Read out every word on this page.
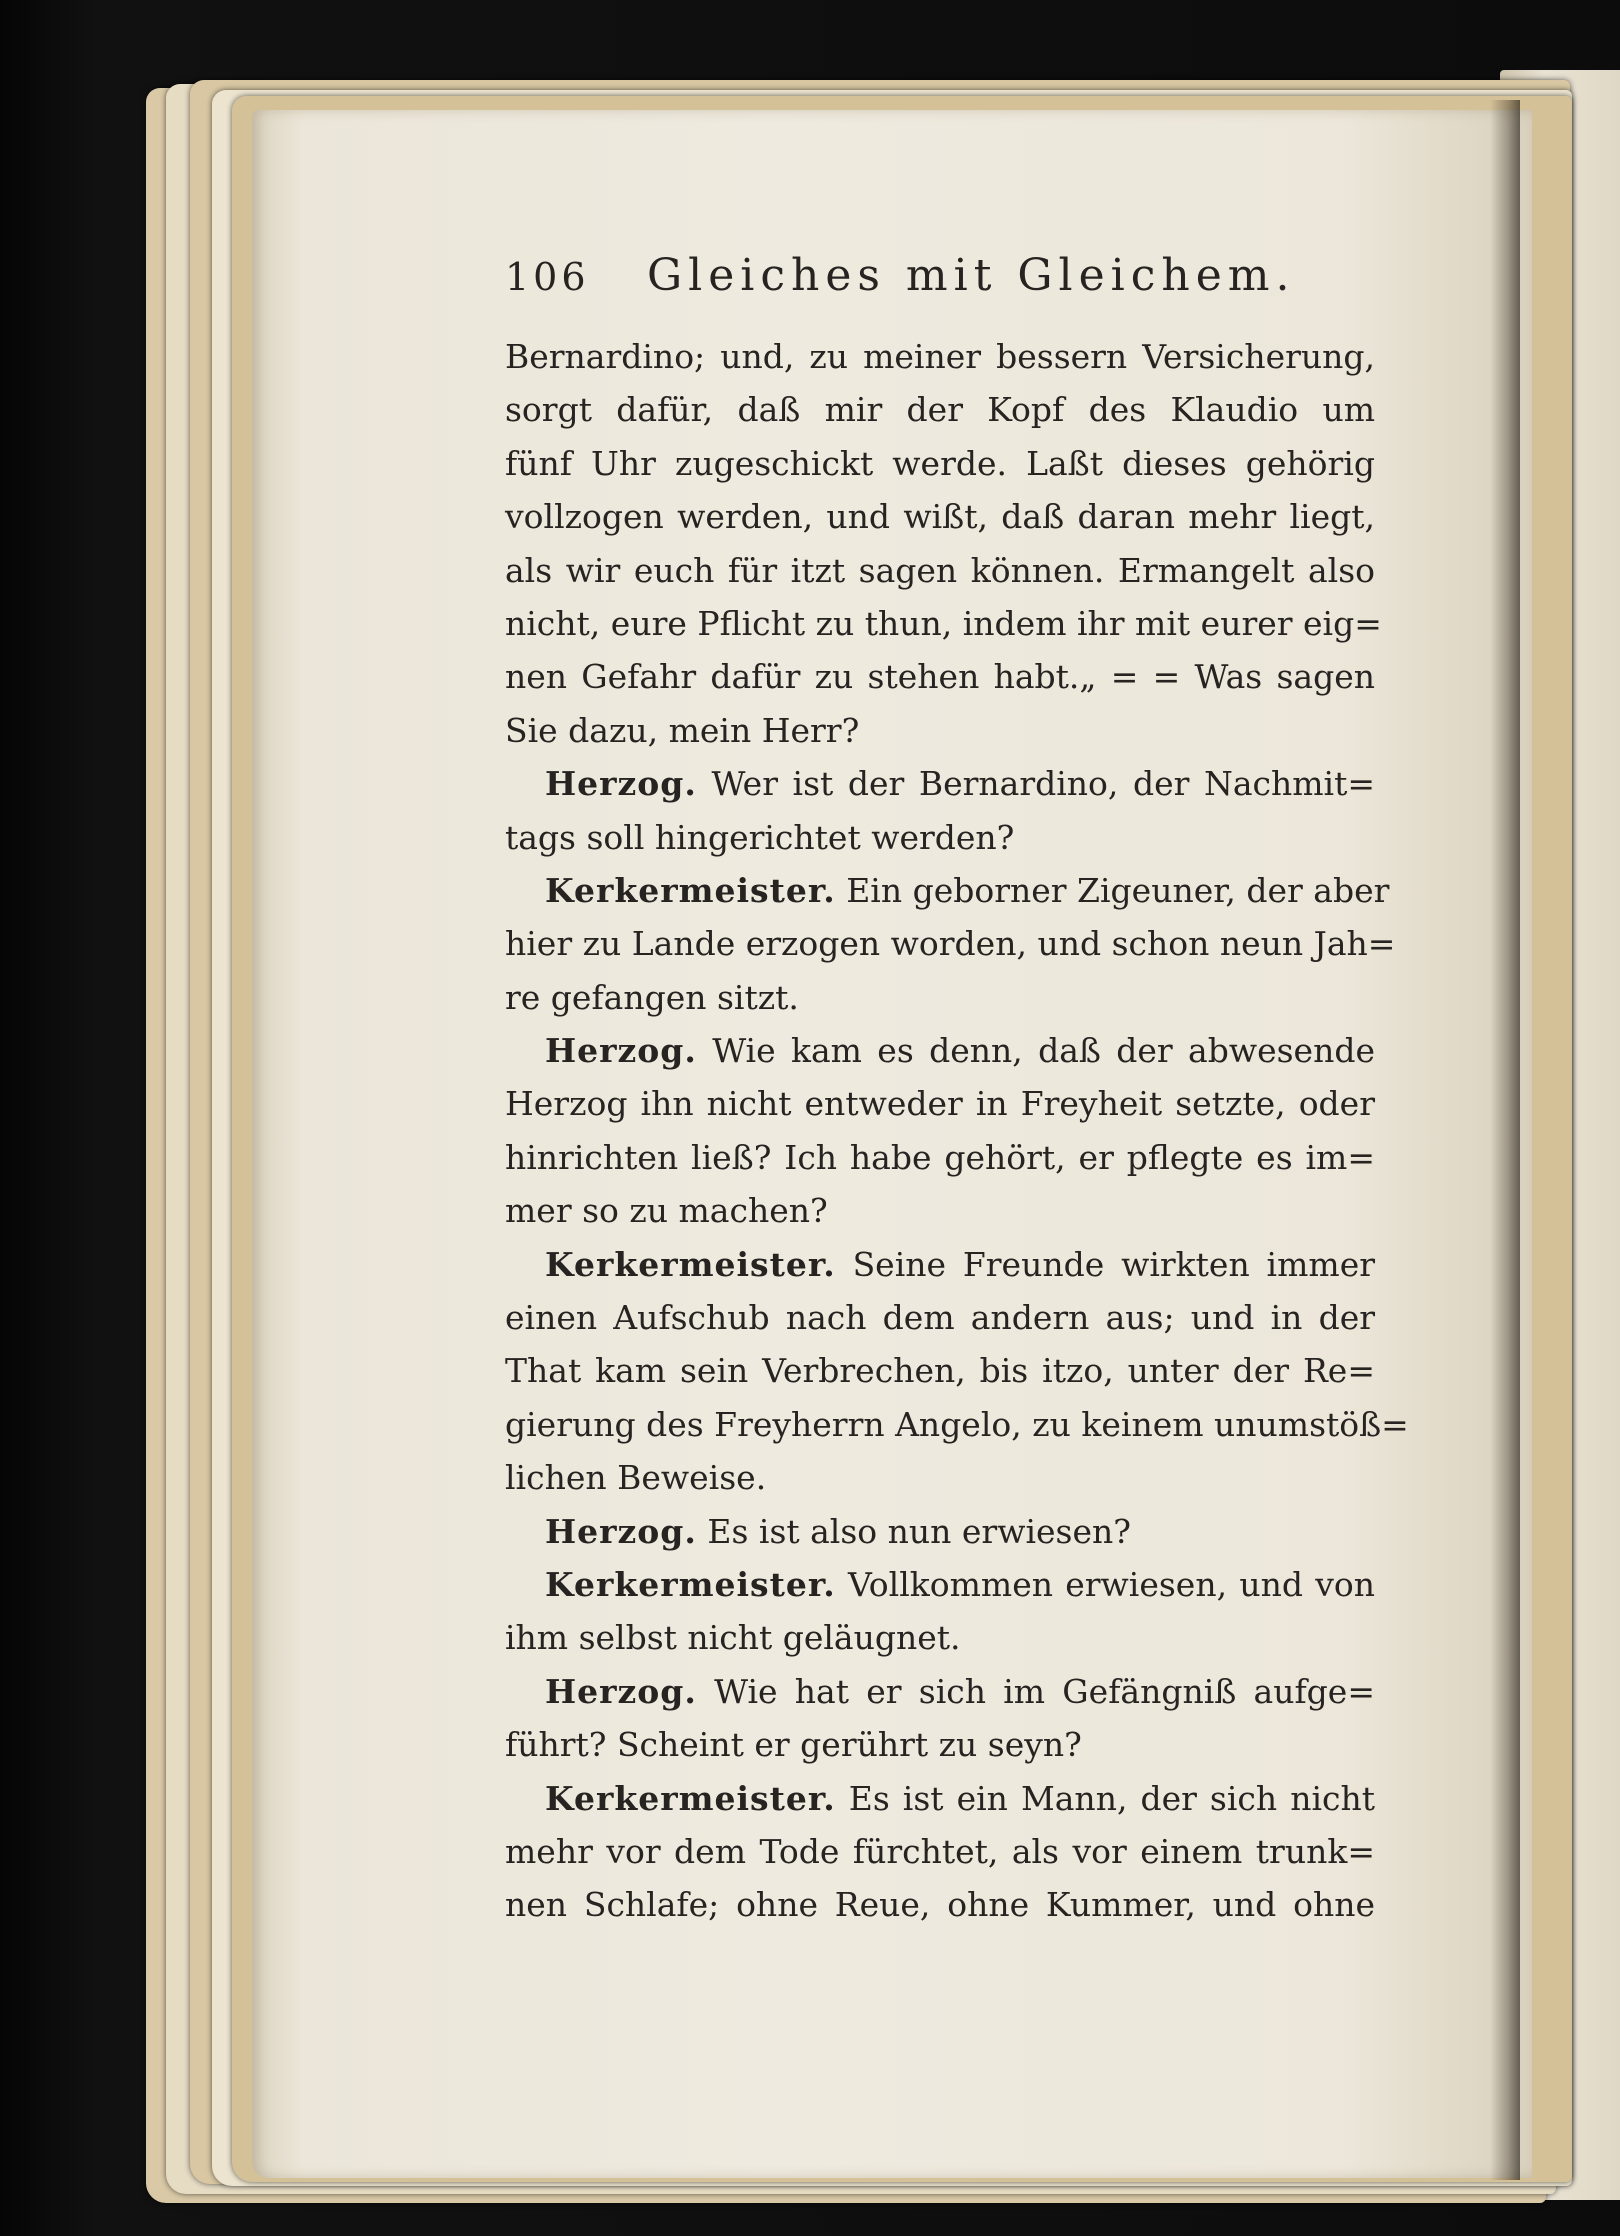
106	Gleiches mit Gleichem.
Bernardino; und, zu meiner bessern Versicherung,
sorgt dafür, daß mir der Kopf des Klaudio um
fünf Uhr zugeschickt werde. Laßt dieses gehörig
vollzogen werden, und wißt, daß daran mehr liegt,
als wir euch für itzt sagen können. Ermangelt also
nicht, eure Pflicht zu thun, indem ihr mit eurer eig=
nen Gefahr dafür zu stehen habt.„ = = Was sagen
Sie dazu, mein Herr?
Herzog. Wer ist der Bernardino, der Nachmit=
tags soll hingerichtet werden?
Kerkermeister. Ein geborner Zigeuner, der aber
hier zu Lande erzogen worden, und schon neun Jah=
re gefangen sitzt.
Herzog. Wie kam es denn, daß der abwesende
Herzog ihn nicht entweder in Freyheit setzte, oder
hinrichten ließ? Ich habe gehört, er pflegte es im=
mer so zu machen?
Kerkermeister. Seine Freunde wirkten immer
einen Aufschub nach dem andern aus; und in der
That kam sein Verbrechen, bis itzo, unter der Re=
gierung des Freyherrn Angelo, zu keinem unumstöß=
lichen Beweise.
Herzog. Es ist also nun erwiesen?
Kerkermeister. Vollkommen erwiesen, und von
ihm selbst nicht geläugnet.
Herzog. Wie hat er sich im Gefängniß aufge=
führt? Scheint er gerührt zu seyn?
Kerkermeister. Es ist ein Mann, der sich nicht
mehr vor dem Tode fürchtet, als vor einem trunk=
nen Schlafe; ohne Reue, ohne Kummer, und ohne
